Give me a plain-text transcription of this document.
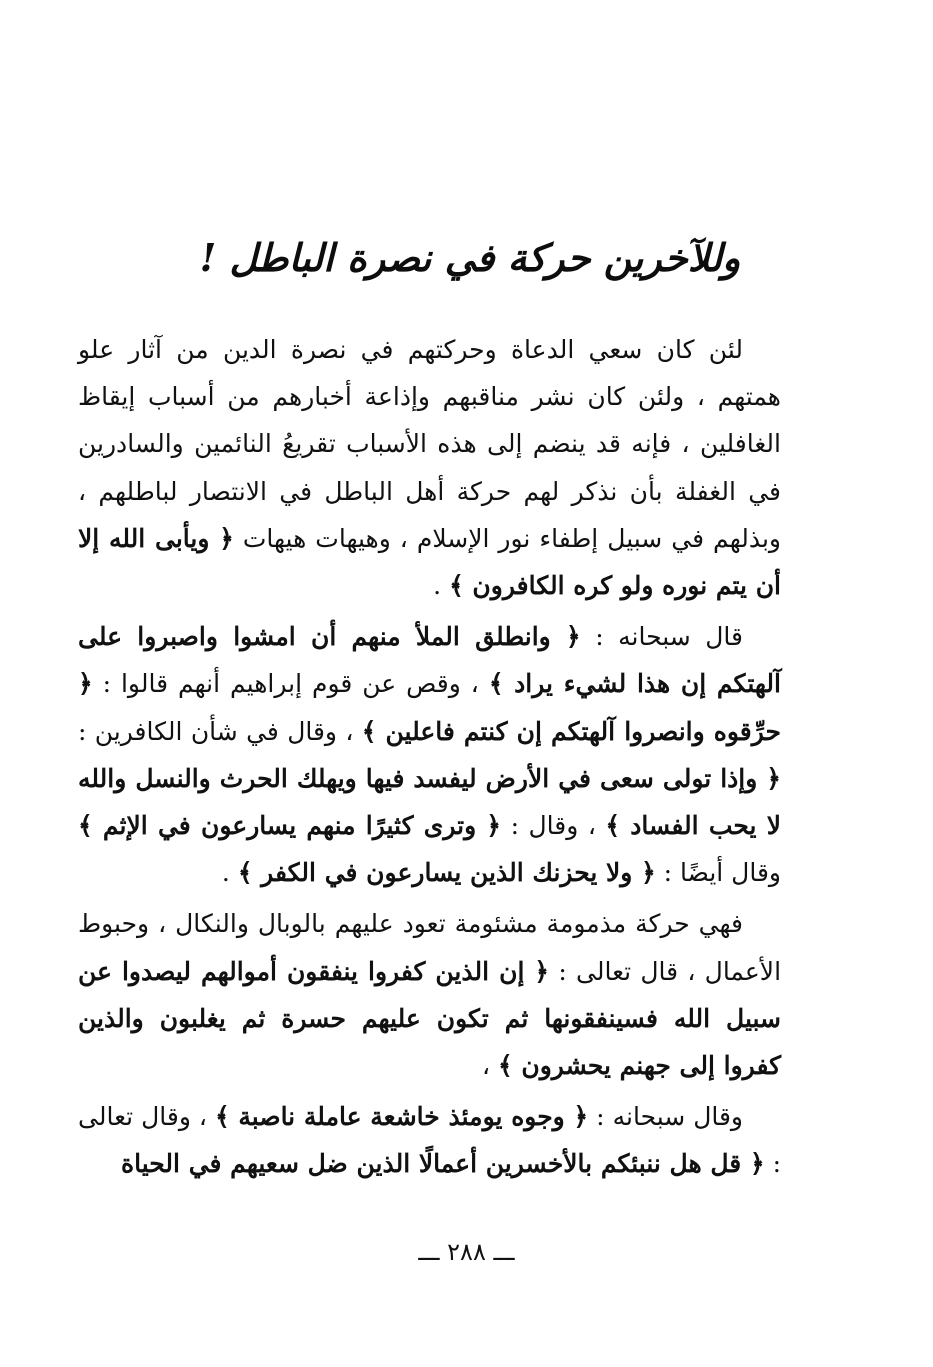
وللآخرين حركة في نصرة الباطل !

لئن كان سعي الدعاة وحركتهم في نصرة الدين من آثار علو همتهم ، ولئن كان نشر مناقبهم وإذاعة أخبارهم من أسباب إيقاظ الغافلين ، فإنه قد ينضم إلى هذه الأسباب تقريعُ النائمين والسادرين في الغفلة بأن نذكر لهم حركة أهل الباطل في الانتصار لباطلهم ، وبذلهم في سبيل إطفاء نور الإسلام ، وهيهات هيهات ﴿ ويأبى الله إلا أن يتم نوره ولو كره الكافرون ﴾ .

قال سبحانه : ﴿ وانطلق الملأ منهم أن امشوا واصبروا على آلهتكم إن هذا لشيء يراد ﴾ ، وقص عن قوم إبراهيم أنهم قالوا : ﴿ حرِّقوه وانصروا آلهتكم إن كنتم فاعلين ﴾ ، وقال في شأن الكافرين : ﴿ وإذا تولى سعى في الأرض ليفسد فيها ويهلك الحرث والنسل والله لا يحب الفساد ﴾ ، وقال : ﴿ وترى كثيرًا منهم يسارعون في الإثم ﴾ وقال أيضًا : ﴿ ولا يحزنك الذين يسارعون في الكفر ﴾ .

فهي حركة مذمومة مشئومة تعود عليهم بالوبال والنكال ، وحبوط الأعمال ، قال تعالى : ﴿ إن الذين كفروا ينفقون أموالهم ليصدوا عن سبيل الله فسينفقونها ثم تكون عليهم حسرة ثم يغلبون والذين كفروا إلى جهنم يحشرون ﴾ ،

وقال سبحانه : ﴿ وجوه يومئذ خاشعة عاملة ناصبة ﴾ ، وقال تعالى : ﴿ قل هل ننبئكم بالأخسرين أعمالًا الذين ضل سعيهم في الحياة

ـــ ٢٨٨ ـــ
